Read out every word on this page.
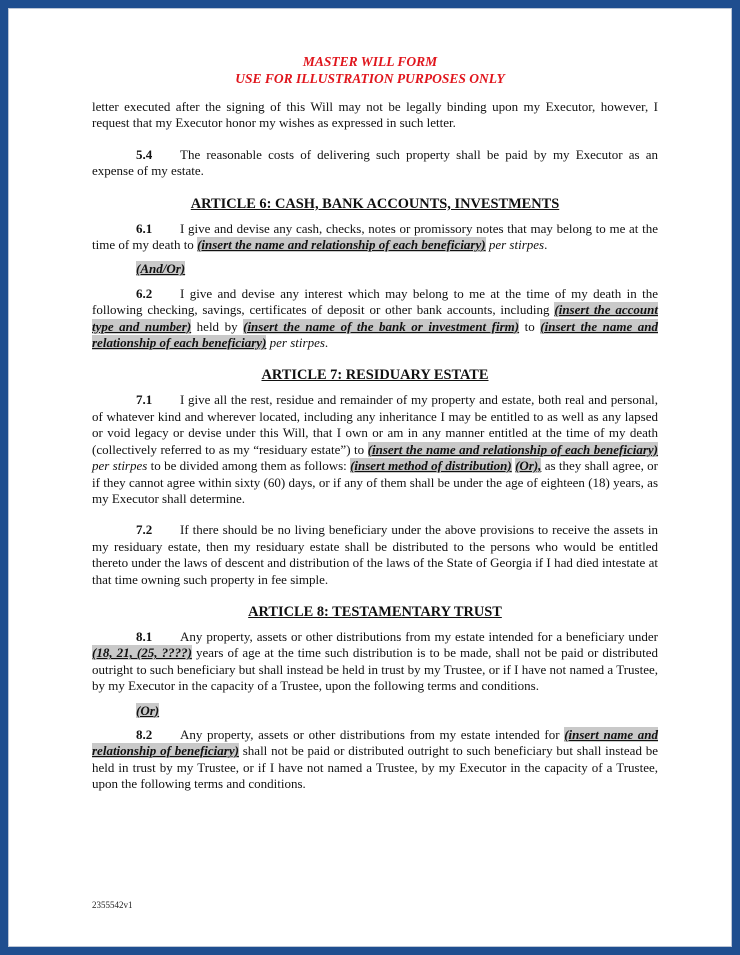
MASTER WILL FORM
USE FOR ILLUSTRATION PURPOSES ONLY

letter executed after the signing of this Will may not be legally binding upon my Executor, however, I request that my Executor honor my wishes as expressed in such letter.

5.4 The reasonable costs of delivering such property shall be paid by my Executor as an expense of my estate.

ARTICLE 6: CASH, BANK ACCOUNTS, INVESTMENTS

6.1 I give and devise any cash, checks, notes or promissory notes that may belong to me at the time of my death to (insert the name and relationship of each beneficiary) per stirpes.

(And/Or)

6.2 I give and devise any interest which may belong to me at the time of my death in the following checking, savings, certificates of deposit or other bank accounts, including (insert the account type and number) held by (insert the name of the bank or investment firm) to (insert the name and relationship of each beneficiary) per stirpes.

ARTICLE 7: RESIDUARY ESTATE

7.1 I give all the rest, residue and remainder of my property and estate, both real and personal, of whatever kind and wherever located, including any inheritance I may be entitled to as well as any lapsed or void legacy or devise under this Will, that I own or am in any manner entitled at the time of my death (collectively referred to as my “residuary estate”) to (insert the name and relationship of each beneficiary) per stirpes to be divided among them as follows: (insert method of distribution) (Or), as they shall agree, or if they cannot agree within sixty (60) days, or if any of them shall be under the age of eighteen (18) years, as my Executor shall determine.

7.2 If there should be no living beneficiary under the above provisions to receive the assets in my residuary estate, then my residuary estate shall be distributed to the persons who would be entitled thereto under the laws of descent and distribution of the laws of the State of Georgia if I had died intestate at that time owning such property in fee simple.

ARTICLE 8: TESTAMENTARY TRUST

8.1 Any property, assets or other distributions from my estate intended for a beneficiary under (18, 21, (25, ????) years of age at the time such distribution is to be made, shall not be paid or distributed outright to such beneficiary but shall instead be held in trust by my Trustee, or if I have not named a Trustee, by my Executor in the capacity of a Trustee, upon the following terms and conditions.

(Or)

8.2 Any property, assets or other distributions from my estate intended for (insert name and relationship of beneficiary) shall not be paid or distributed outright to such beneficiary but shall instead be held in trust by my Trustee, or if I have not named a Trustee, by my Executor in the capacity of a Trustee, upon the following terms and conditions.

2355542v1
